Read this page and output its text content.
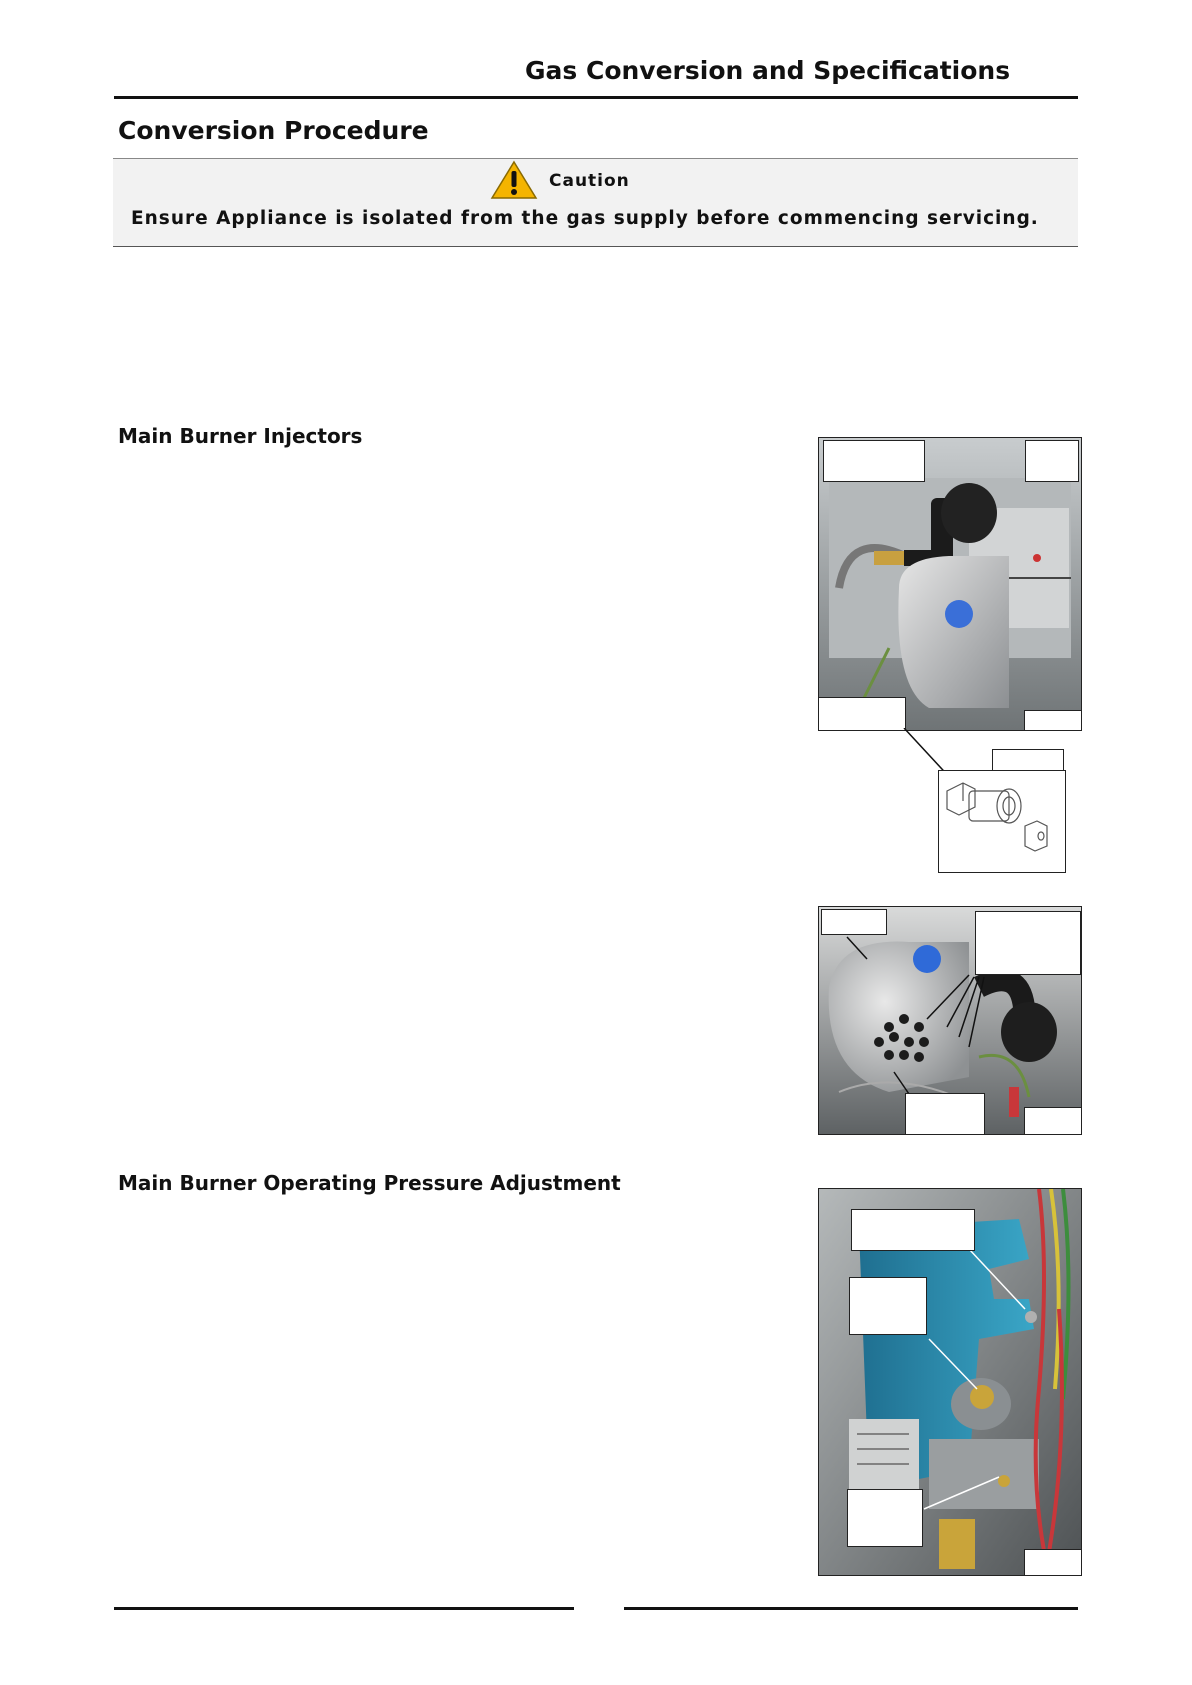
Gas Conversion and Specifications
Conversion Procedure
Caution
Ensure Appliance is isolated from the gas supply before commencing servicing.
Main Burner Injectors
Main Burner Operating Pressure Adjustment
